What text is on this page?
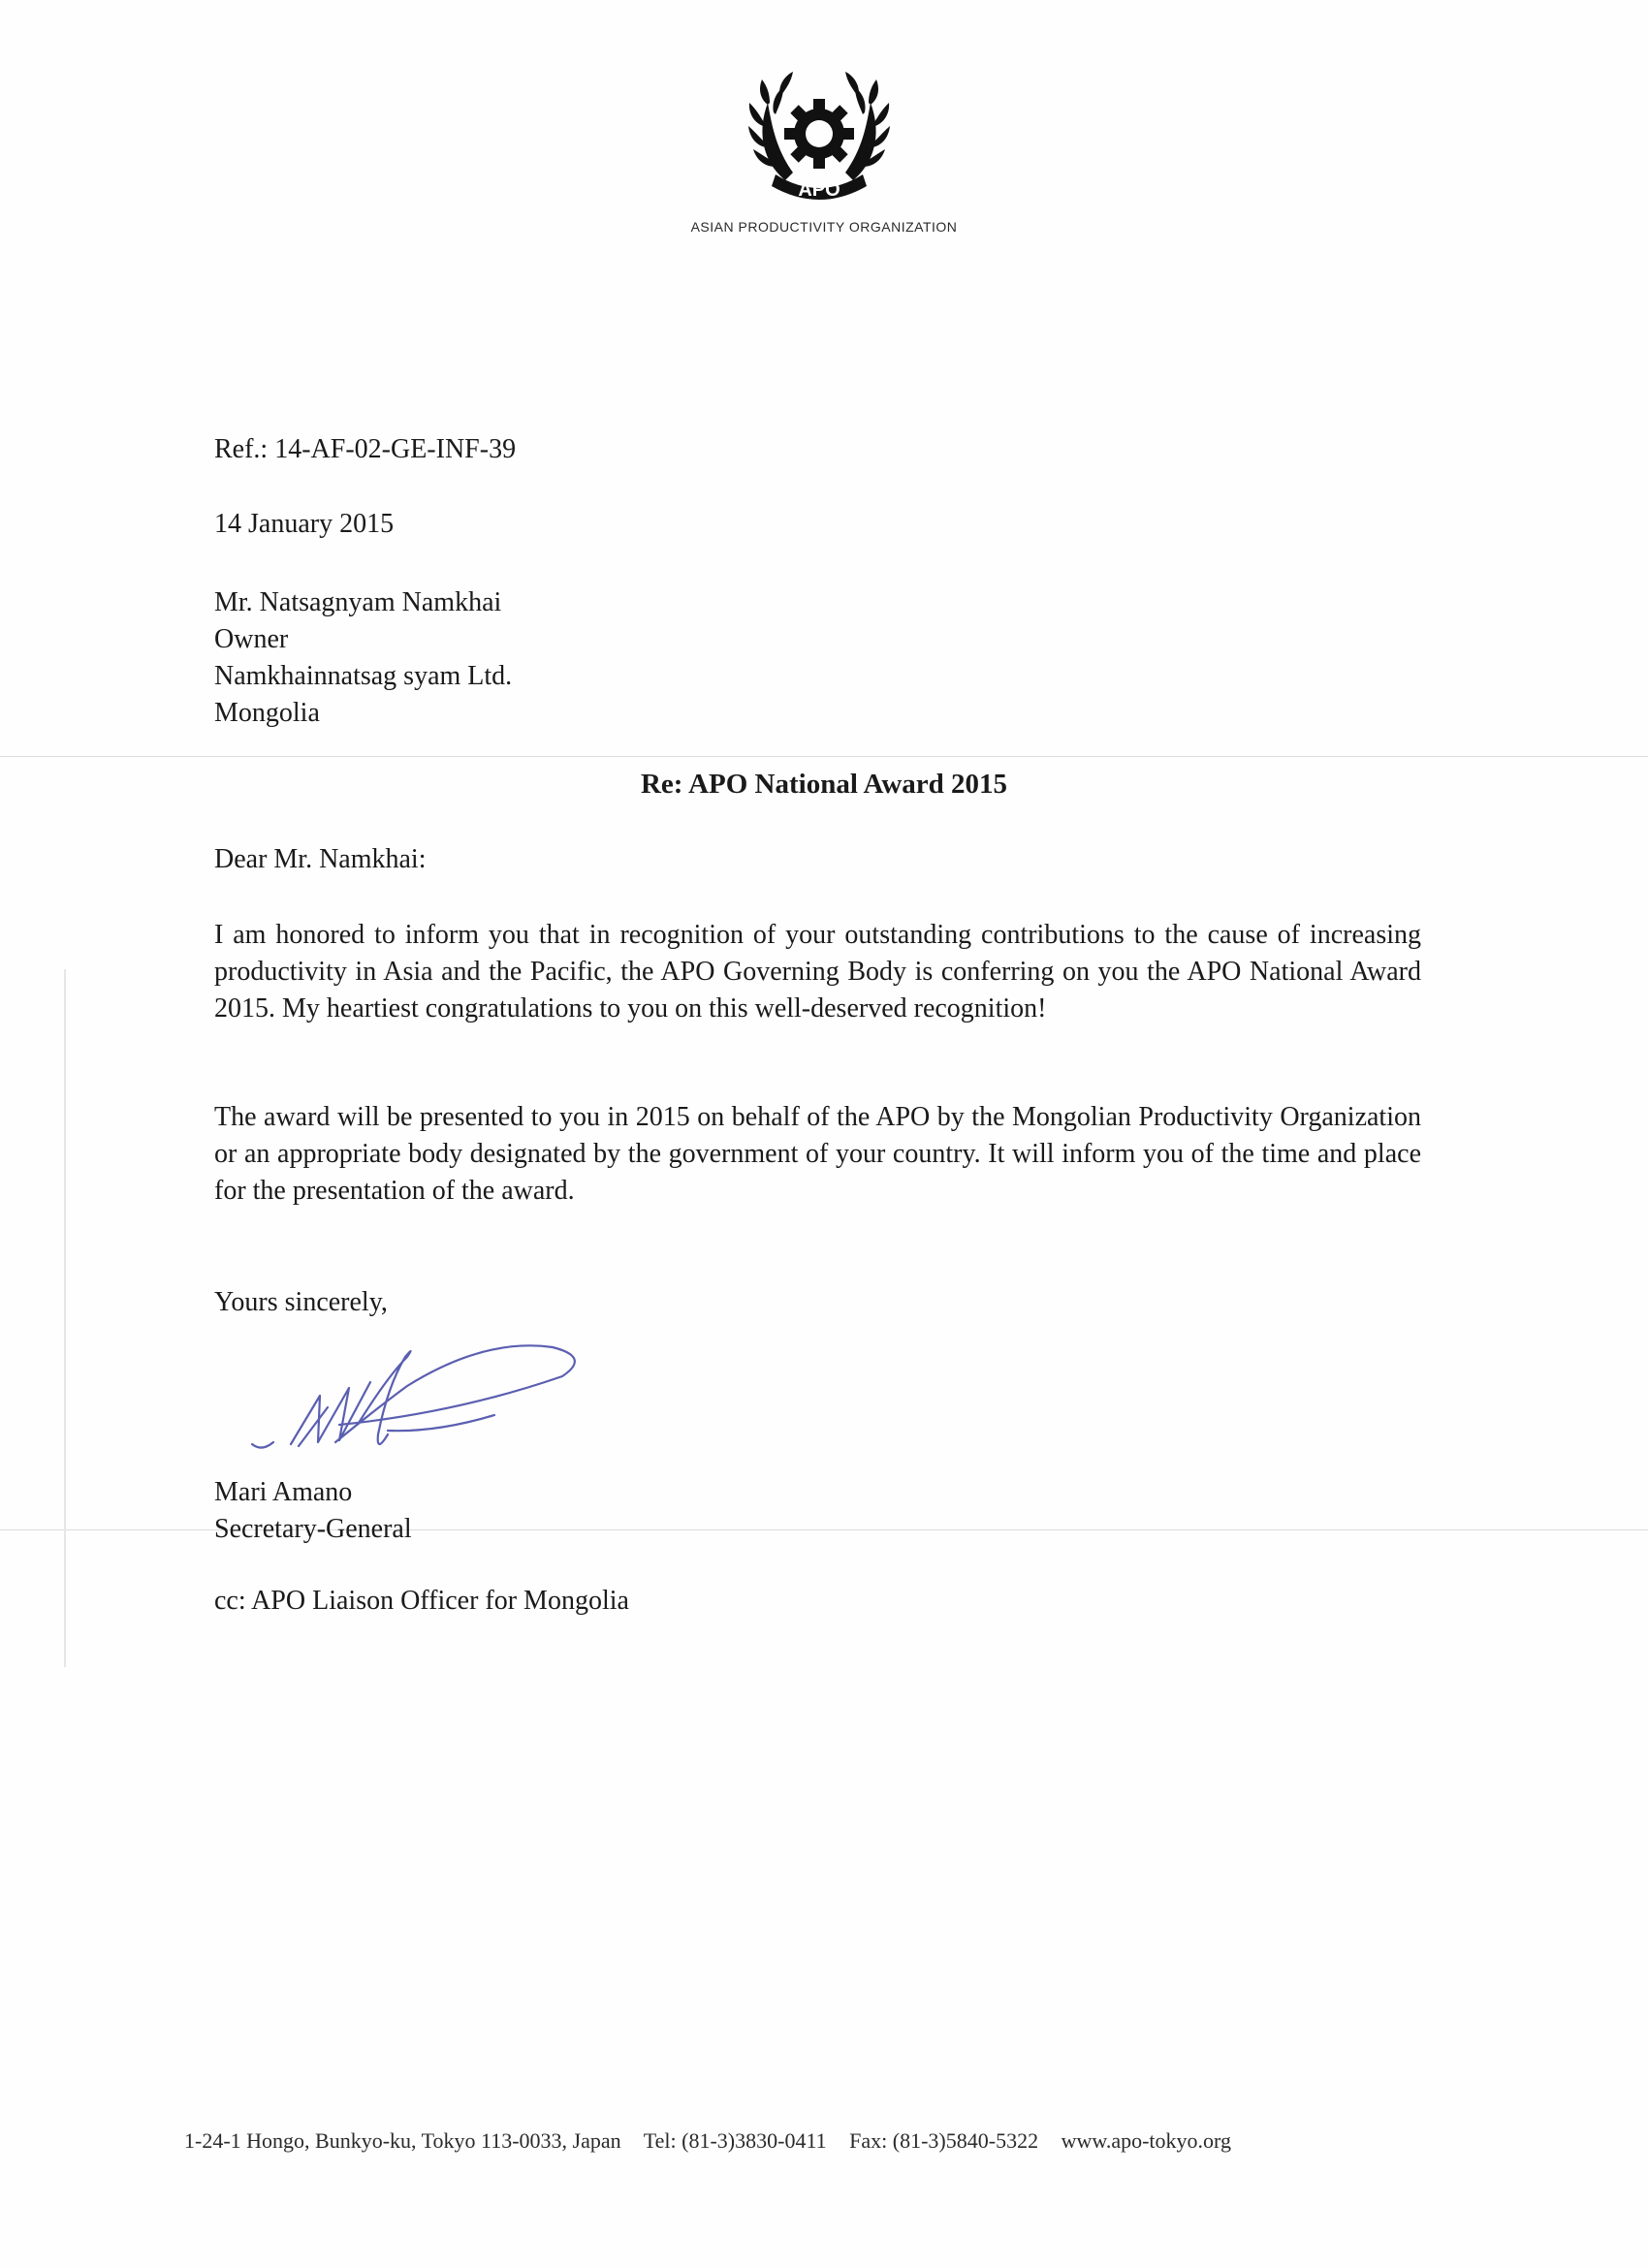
APO
ASIAN PRODUCTIVITY ORGANIZATION
Ref.: 14-AF-02-GE-INF-39
14 January 2015
Mr. Natsagnyam Namkhai
Owner
Namkhainnatsag syam Ltd.
Mongolia
Re: APO National Award 2015
Dear Mr. Namkhai:
I am honored to inform you that in recognition of your outstanding contributions to the cause of increasing productivity in Asia and the Pacific, the APO Governing Body is conferring on you the APO National Award 2015. My heartiest congratulations to you on this well-deserved recognition!
The award will be presented to you in 2015 on behalf of the APO by the Mongolian Productivity Organization or an appropriate body designated by the government of your country. It will inform you of the time and place for the presentation of the award.
Yours sincerely,
Mari Amano
Secretary-General
cc: APO Liaison Officer for Mongolia
1-24-1 Hongo, Bunkyo-ku, Tokyo 113-0033, Japan Tel: (81-3)3830-0411 Fax: (81-3)5840-5322 www.apo-tokyo.org
